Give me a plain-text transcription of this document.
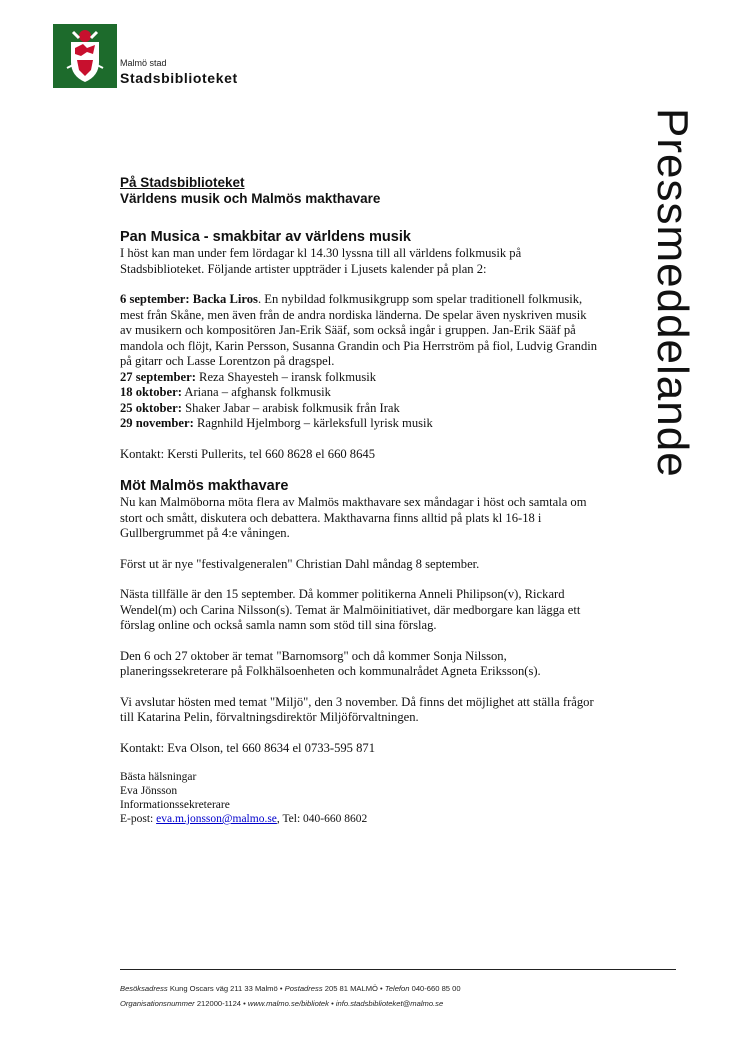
Malmö stad
Stadsbiblioteket
Pressmeddelande
På Stadsbiblioteket
Världens musik och Malmös makthavare
Pan Musica - smakbitar av världens musik

I höst kan man under fem lördagar kl 14.30 lyssna till all världens folkmusik på Stadsbiblioteket. Följande artister uppträder i Ljusets kalender på plan 2:

6 september: Backa Liros. En nybildad folkmusikgrupp som spelar traditionell folkmusik, mest från Skåne, men även från de andra nordiska länderna. De spelar även nyskriven musik av musikern och kompositören Jan-Erik Sääf, som också ingår i gruppen. Jan-Erik Sääf på mandola och flöjt, Karin Persson, Susanna Grandin och Pia Herrström på fiol, Ludvig Grandin på gitarr och Lasse Lorentzon på dragspel.

27 september: Reza Shayesteh – iransk folkmusik

18 oktober: Ariana – afghansk folkmusik

25 oktober: Shaker Jabar – arabisk folkmusik från Irak

29 november: Ragnhild Hjelmborg – kärleksfull lyrisk musik

Kontakt: Kersti Pullerits, tel 660 8628 el 660 8645

Möt Malmös makthavare

Nu kan Malmöborna möta flera av Malmös makthavare sex måndagar i höst och samtala om stort och smått, diskutera och debattera. Makthavarna finns alltid på plats kl 16-18 i Gullbergrummet på 4:e våningen.

Först ut är nye "festivalgeneralen" Christian Dahl måndag 8 september.

Nästa tillfälle är den 15 september. Då kommer politikerna Anneli Philipson(v), Rickard Wendel(m) och Carina Nilsson(s). Temat är Malmöinitiativet, där medborgare kan lägga ett förslag online och också samla namn som stöd till sina förslag.

Den 6 och 27 oktober är temat "Barnomsorg" och då kommer Sonja Nilsson, planeringssekreterare på Folkhälsoenheten och kommunalrådet Agneta Eriksson(s).

Vi avslutar hösten med temat "Miljö", den 3 november. Då finns det möjlighet att ställa frågor till Katarina Pelin, förvaltningsdirektör Miljöförvaltningen.

Kontakt: Eva Olson, tel 660 8634 el 0733-595 871

Bästa hälsningar

Eva Jönsson

Informationssekreterare

E-post: eva.m.jonsson@malmo.se, Tel: 040-660 8602

Besöksadress Kung Oscars väg 211 33 Malmö • Postadress 205 81 MALMÖ • Telefon 040-660 85 00
Organisationsnummer 212000-1124 • www.malmo.se/bibliotek • info.stadsbiblioteket@malmo.se
